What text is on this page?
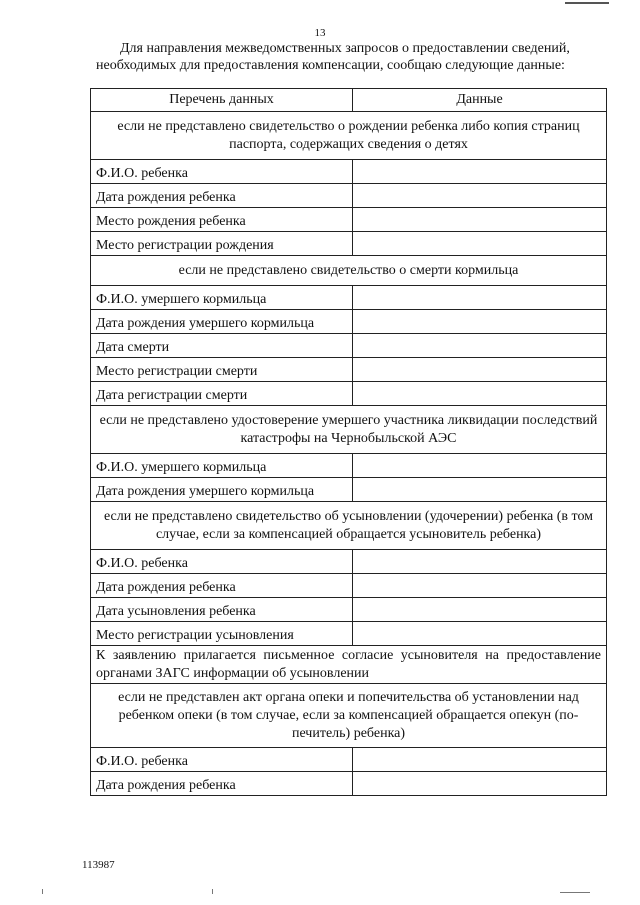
13

Для направления межведомственных запросов о предоставлении сведений,

необходимых для предоставления компенсации, сообщаю следующие данные:

Перечень данных	Данные
если не представлено свидетельство о рождении ребенка либо копия страниц паспорта, содержащих сведения о детях	
Ф.И.О. ребенка	
Дата рождения ребенка	
Место рождения ребенка	
Место регистрации рождения	
если не представлено свидетельство о смерти кормильца	
Ф.И.О. умершего кормильца	
Дата рождения умершего кормильца	
Дата смерти	
Место регистрации смерти	
Дата регистрации смерти	
если не представлено удостоверение умершего участника ликвидации последствий катастрофы на Чернобыльской АЭС	
Ф.И.О. умершего кормильца	
Дата рождения умершего кормильца	
если не представлено свидетельство об усыновлении (удочерении) ребенка (в том случае, если за компенсацией обращается усыновитель ребенка)	
Ф.И.О. ребенка	
Дата рождения ребенка	
Дата усыновления ребенка	
Место регистрации усыновления	
К заявлению прилагается письменное согласие усыновителя на предоставление органами ЗАГС информации об усыновлении	
если не представлен акт органа опеки и попечительства об установлении над ребенком опеки (в том случае, если за компенсацией обращается опекун (попечитель) ребенка)	
Ф.И.О. ребенка	
Дата рождения ребенка	
113987
